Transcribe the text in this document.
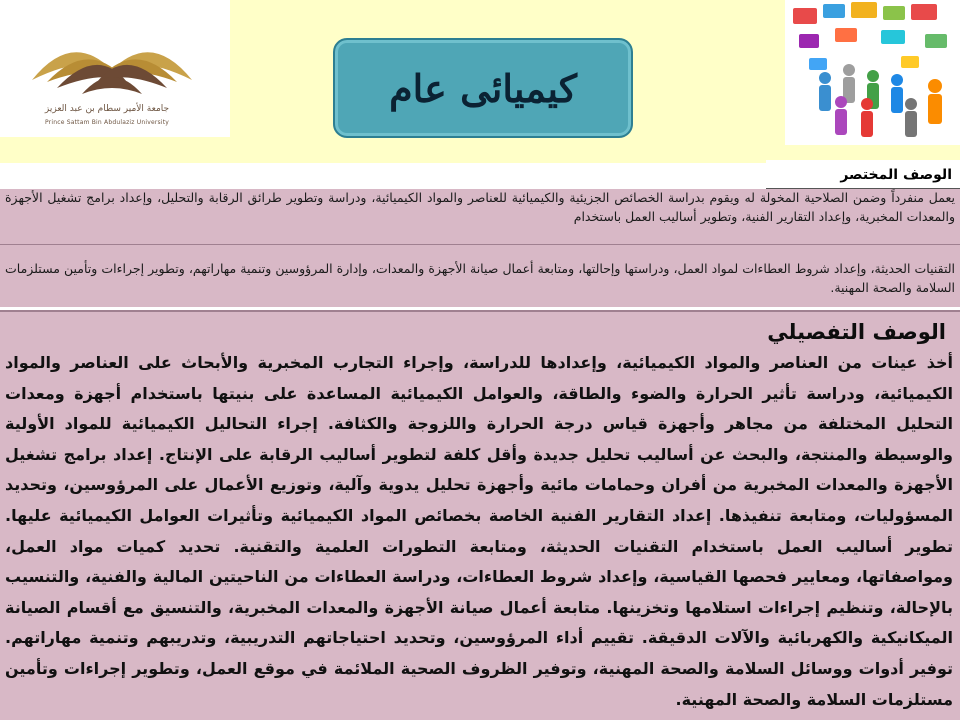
جامعة الأمير سطام بن عبد العزيز
Prince Sattam Bin Abdulaziz University
كيميائى عام
الوصف المختصر
يعمل منفرداً وضمن الصلاحية المخولة له ويقوم بدراسة الخصائص الجزيئية والكيميائية للعناصر والمواد الكيميائية، ودراسة وتطوير طرائق الرقابة والتحليل، وإعداد برامج تشغيل الأجهزة والمعدات المخبرية، وإعداد التقارير الفنية، وتطوير أساليب العمل باستخدام
التقنيات الحديثة، وإعداد شروط العطاءات لمواد العمل، ودراستها وإحالتها، ومتابعة أعمال صيانة الأجهزة والمعدات، وإدارة المرؤوسين وتنمية مهاراتهم، وتطوير إجراءات وتأمين مستلزمات السلامة والصحة المهنية.
الوصف التفصيلي
أخذ عينات من العناصر والمواد الكيميائية، وإعدادها للدراسة، وإجراء التجارب المخبرية والأبحاث على العناصر والمواد الكيميائية، ودراسة تأثير الحرارة والضوء والطاقة، والعوامل الكيميائية المساعدة على بنيتها باستخدام أجهزة ومعدات التحليل المختلفة من مجاهر وأجهزة قياس درجة الحرارة واللزوجة والكثافة. إجراء التحاليل الكيميائية للمواد الأولية والوسيطة والمنتجة، والبحث عن أساليب تحليل جديدة وأقل كلفة لتطوير أساليب الرقابة على الإنتاج. إعداد برامج تشغيل الأجهزة والمعدات المخبرية من أفران وحمامات مائية وأجهزة تحليل يدوية وآلية، وتوزيع الأعمال على المرؤوسين، وتحديد المسؤوليات، ومتابعة تنفيذها. إعداد التقارير الفنية الخاصة بخصائص المواد الكيميائية وتأثيرات العوامل الكيميائية عليها. تطوير أساليب العمل باستخدام التقنيات الحديثة، ومتابعة التطورات العلمية والتقنية. تحديد كميات مواد العمل، ومواصفاتها، ومعايير فحصها القياسية، وإعداد شروط العطاءات، ودراسة العطاءات من الناحيتين المالية والفنية، والتنسيب بالإحالة، وتنظيم إجراءات استلامها وتخزينها. متابعة أعمال صيانة الأجهزة والمعدات المخبرية، والتنسيق مع أقسام الصيانة الميكانيكية والكهربائية والآلات الدقيقة. تقييم أداء المرؤوسين، وتحديد احتياجاتهم التدريبية، وتدريبهم وتنمية مهاراتهم. توفير أدوات ووسائل السلامة والصحة المهنية، وتوفير الظروف الصحية الملائمة في موقع العمل، وتطوير إجراءات وتأمين مستلزمات السلامة والصحة المهنية.
